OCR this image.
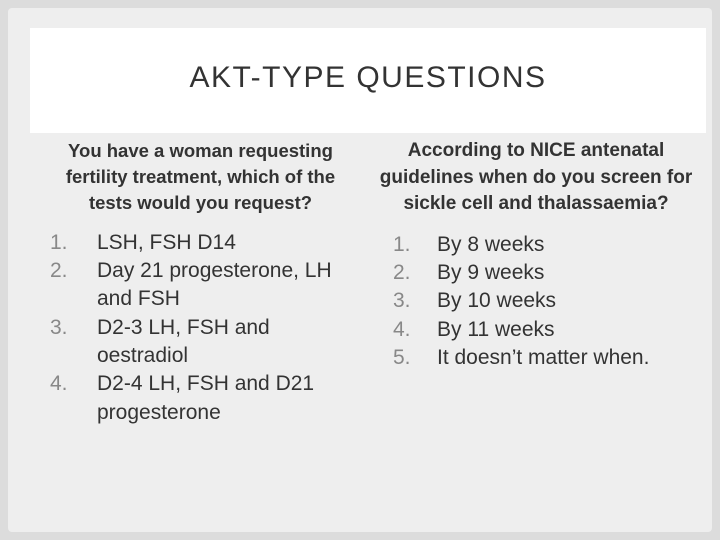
AKT-TYPE QUESTIONS

You have a woman requesting fertility treatment, which of the tests would you request?

1.	LSH, FSH D14
2.	Day 21 progesterone, LH and FSH
3.	D2-3 LH, FSH and oestradiol
4.	D2-4 LH, FSH and D21 progesterone

According to NICE antenatal guidelines when do you screen for sickle cell and thalassaemia?

1.	By 8 weeks
2.	By 9 weeks
3.	By 10 weeks
4.	By 11 weeks
5.	It doesn’t matter when.
